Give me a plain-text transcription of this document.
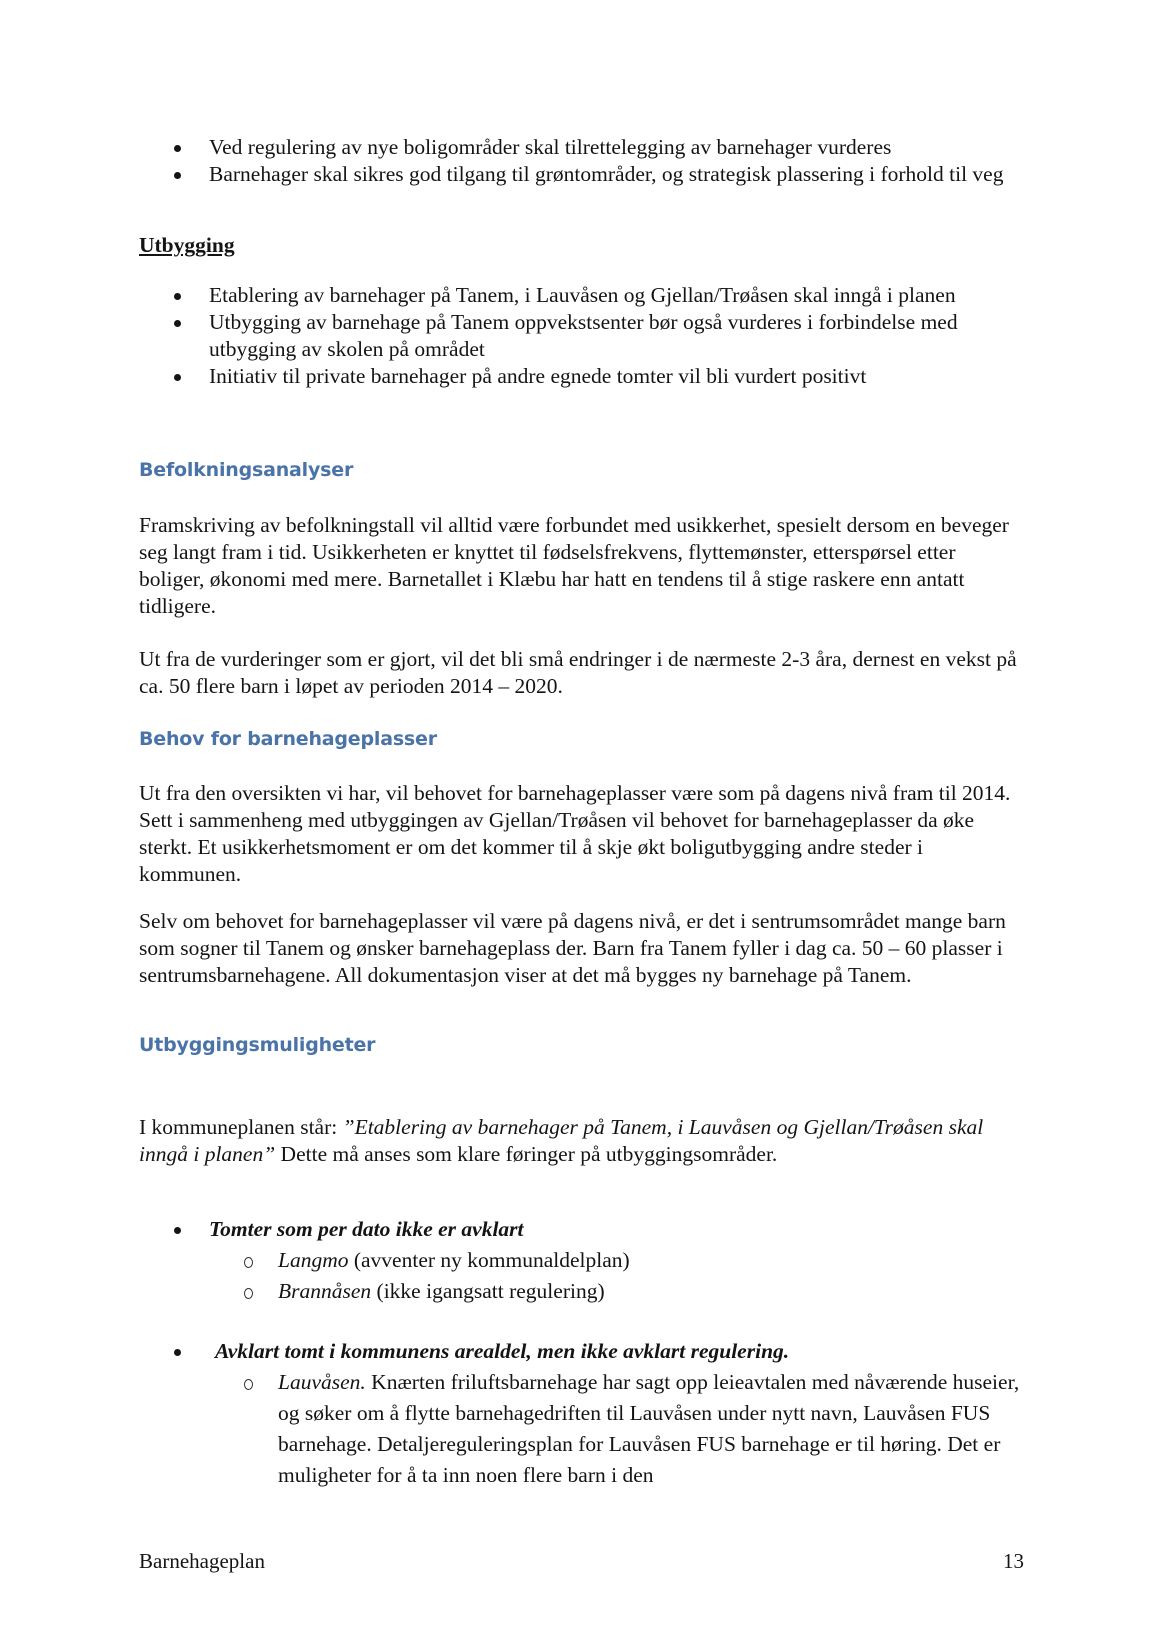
Ved regulering av nye boligområder skal tilrettelegging av barnehager vurderes
Barnehager skal sikres god tilgang til grøntområder, og strategisk plassering i forhold til veg
Utbygging
Etablering av barnehager på Tanem, i Lauvåsen og Gjellan/Trøåsen skal inngå i planen
Utbygging av barnehage på Tanem oppvekstsenter bør også vurderes i forbindelse med utbygging av skolen på området
Initiativ til private barnehager på andre egnede tomter vil bli vurdert positivt
Befolkningsanalyser

Framskriving av befolkningstall vil alltid være forbundet med usikkerhet, spesielt dersom en beveger seg langt fram i tid. Usikkerheten er knyttet til fødselsfrekvens, flyttemønster, etterspørsel etter boliger, økonomi med mere. Barnetallet i Klæbu har hatt en tendens til å stige raskere enn antatt tidligere.

Ut fra de vurderinger som er gjort, vil det bli små endringer i de nærmeste 2-3 åra, dernest en vekst på ca. 50 flere barn i løpet av perioden 2014 – 2020.

Behov for barnehageplasser

Ut fra den oversikten vi har, vil behovet for barnehageplasser være som på dagens nivå fram til 2014. Sett i sammenheng med utbyggingen av Gjellan/Trøåsen vil behovet for barnehageplasser da øke sterkt. Et usikkerhetsmoment er om det kommer til å skje økt boligutbygging andre steder i kommunen.

Selv om behovet for barnehageplasser vil være på dagens nivå, er det i sentrumsområdet mange barn som sogner til Tanem og ønsker barnehageplass der. Barn fra Tanem fyller i dag ca. 50 – 60 plasser i sentrumsbarnehagene. All dokumentasjon viser at det må bygges ny barnehage på Tanem.

Utbyggingsmuligheter

I kommuneplanen står: ”Etablering av barnehager på Tanem, i Lauvåsen og Gjellan/Trøåsen skal inngå i planen” Dette må anses som klare føringer på utbyggingsområder.

Tomter som per dato ikke er avklart
Langmo (avventer ny kommunaldelplan)
Brannåsen (ikke igangsatt regulering)
Avklart tomt i kommunens arealdel, men ikke avklart regulering.
Lauvåsen. Knærten friluftsbarnehage har sagt opp leieavtalen med nåværende huseier, og søker om å flytte barnehagedriften til Lauvåsen under nytt navn, Lauvåsen FUS barnehage. Detaljereguleringsplan for Lauvåsen FUS barnehage er til høring. Det er muligheter for å ta inn noen flere barn i den
Barnehageplan	13
